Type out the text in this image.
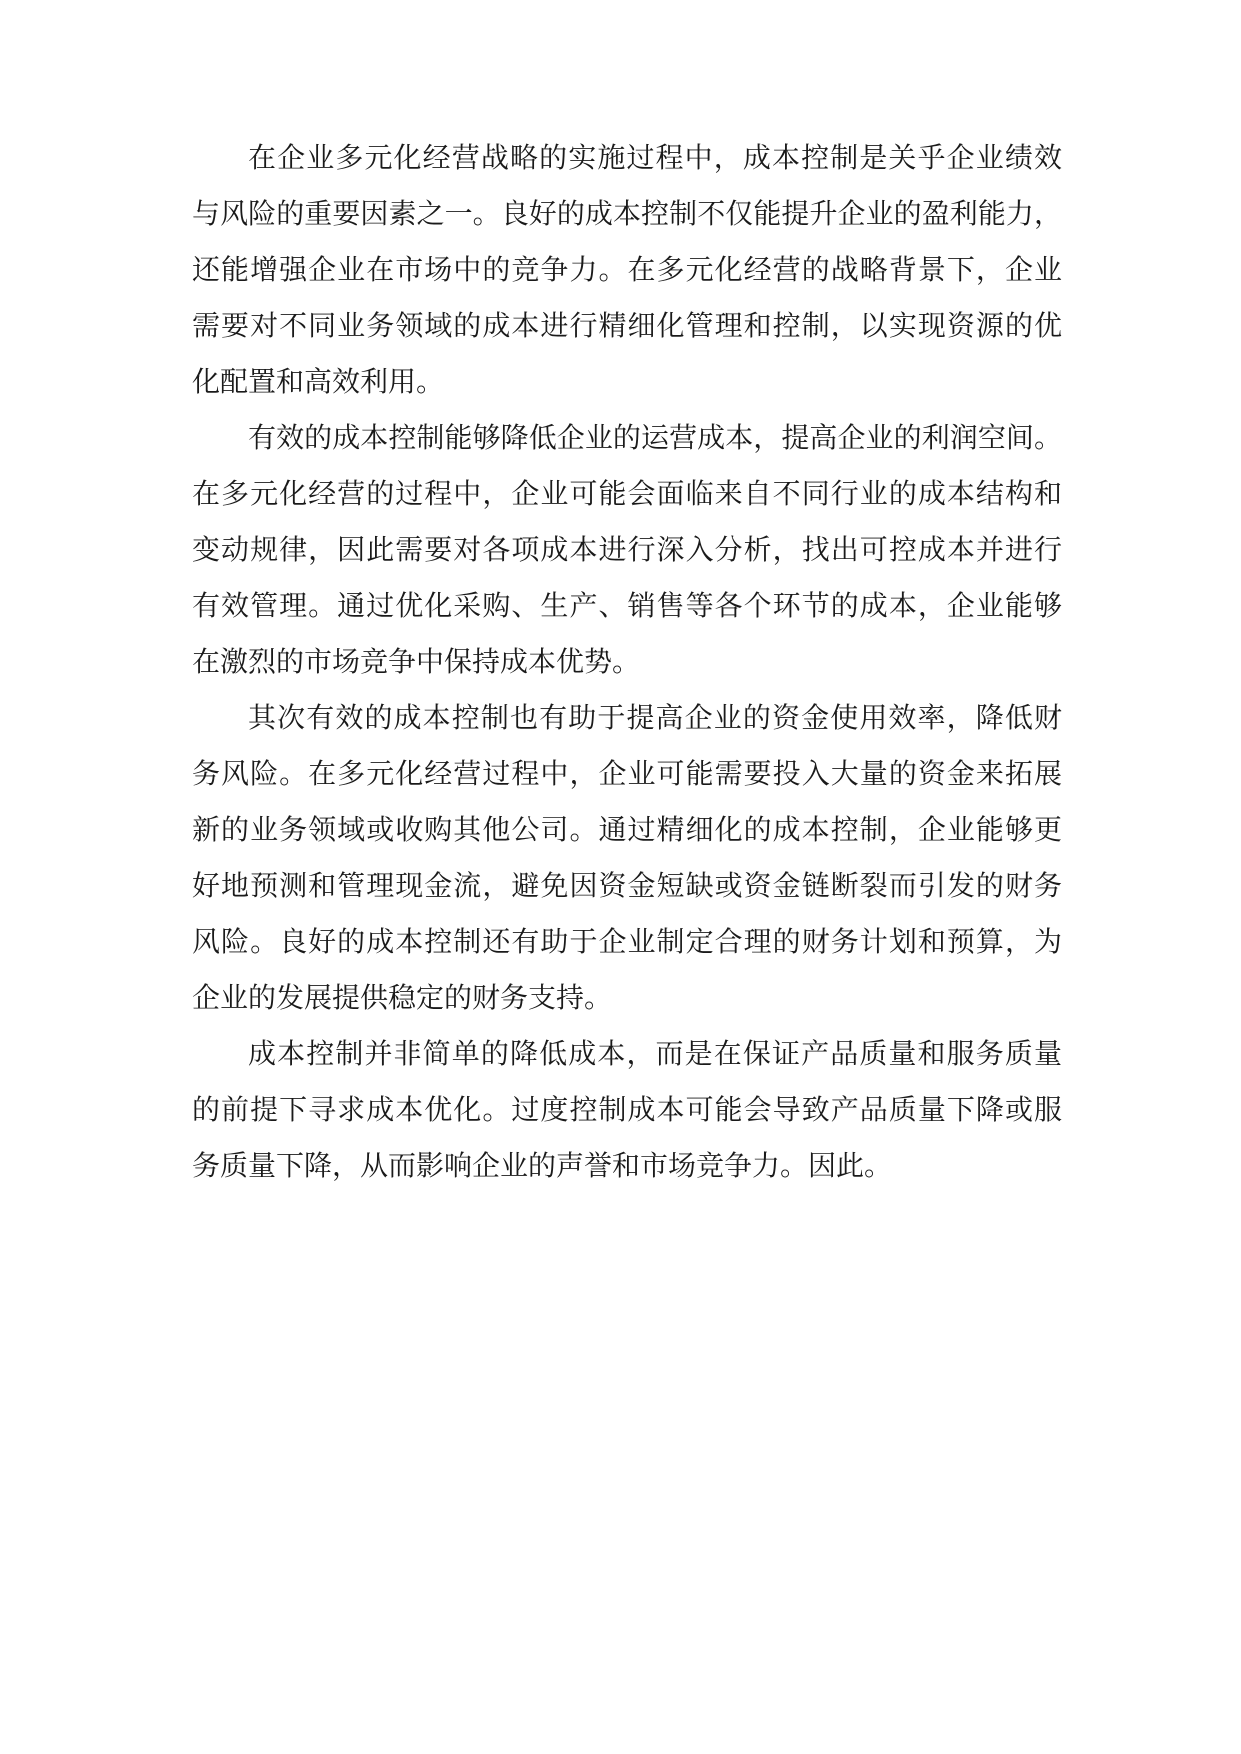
在企业多元化经营战略的实施过程中，成本控制是关乎企业绩效
与风险的重要因素之一。良好的成本控制不仅能提升企业的盈利能力，
还能增强企业在市场中的竞争力。在多元化经营的战略背景下，企业
需要对不同业务领域的成本进行精细化管理和控制，以实现资源的优
化配置和高效利用。
有效的成本控制能够降低企业的运营成本，提高企业的利润空间。
在多元化经营的过程中，企业可能会面临来自不同行业的成本结构和
变动规律，因此需要对各项成本进行深入分析，找出可控成本并进行
有效管理。通过优化采购、生产、销售等各个环节的成本，企业能够
在激烈的市场竞争中保持成本优势。
其次有效的成本控制也有助于提高企业的资金使用效率，降低财
务风险。在多元化经营过程中，企业可能需要投入大量的资金来拓展
新的业务领域或收购其他公司。通过精细化的成本控制，企业能够更
好地预测和管理现金流，避免因资金短缺或资金链断裂而引发的财务
风险。良好的成本控制还有助于企业制定合理的财务计划和预算，为
企业的发展提供稳定的财务支持。
成本控制并非简单的降低成本，而是在保证产品质量和服务质量
的前提下寻求成本优化。过度控制成本可能会导致产品质量下降或服
务质量下降，从而影响企业的声誉和市场竞争力。因此。
